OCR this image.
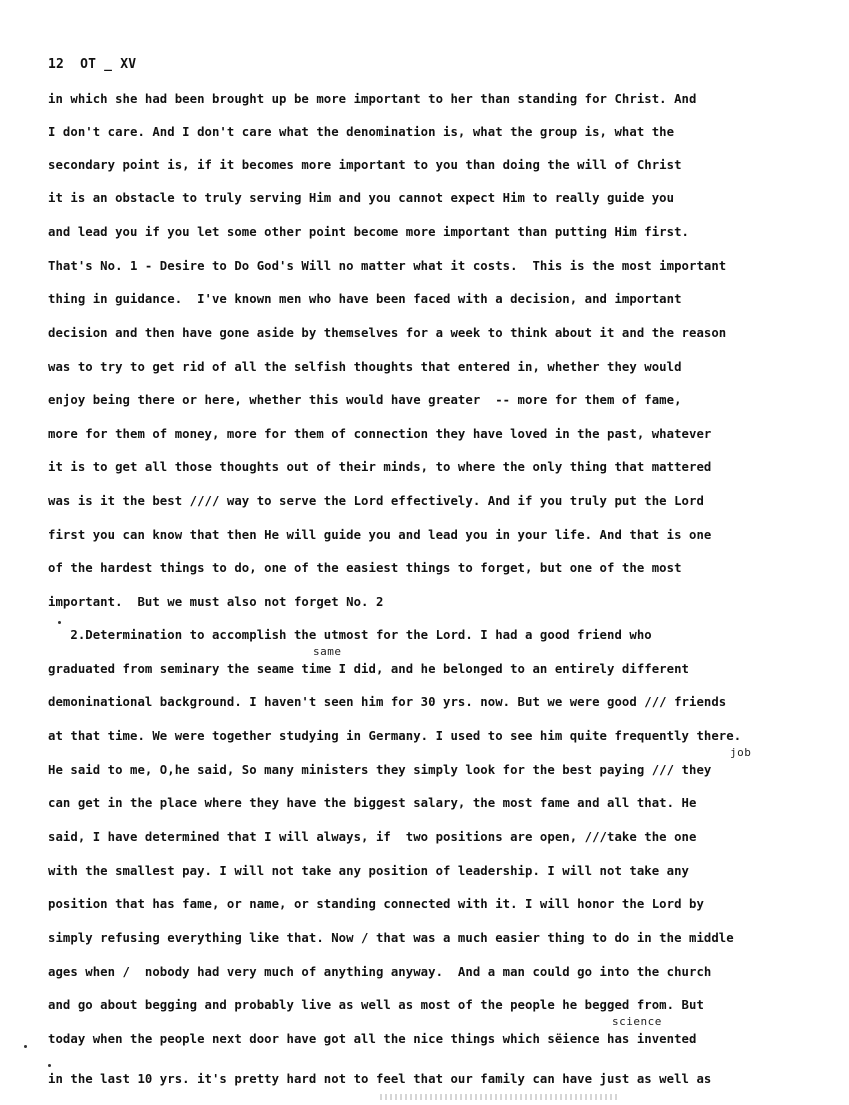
12  OT _ XV
in which she had been brought up be more important to her than standing for Christ. And
I don't care. And I don't care what the denomination is, what the group is, what the
secondary point is, if it becomes more important to you than doing the will of Christ
it is an obstacle to truly serving Him and you cannot expect Him to really guide you
and lead you if you let some other point become more important than putting Him first.
That's No. 1 - Desire to Do God's Will no matter what it costs.  This is the most important
thing in guidance.  I've known men who have been faced with a decision, and important
decision and then have gone aside by themselves for a week to think about it and the reason
was to try to get rid of all the selfish thoughts that entered in, whether they would
enjoy being there or here, whether this would have greater  -- more for them of fame,
more for them of money, more for them of connection they have loved in the past, whatever
it is to get all those thoughts out of their minds, to where the only thing that mattered
was is it the best //// way to serve the Lord effectively. And if you truly put the Lord
first you can know that then He will guide you and lead you in your life. And that is one
of the hardest things to do, one of the easiest things to forget, but one of the most
important.  But we must also not forget No. 2
2.Determination to accomplish the utmost for the Lord. I had a good friend who
same
graduated from seminary the seame time I did, and he belonged to an entirely different
demoninational background. I haven't seen him for 30 yrs. now. But we were good /// friends
at that time. We were together studying in Germany. I used to see him quite frequently there.
job
He said to me, O,he said, So many ministers they simply look for the best paying /// they
can get in the place where they have the biggest salary, the most fame and all that. He
said, I have determined that I will always, if  two positions are open, ///take the one
with the smallest pay. I will not take any position of leadership. I will not take any
position that has fame, or name, or standing connected with it. I will honor the Lord by
simply refusing everything like that. Now / that was a much easier thing to do in the middle
ages when /  nobody had very much of anything anyway.  And a man could go into the church
and go about begging and probably live as well as most of the people he begged from. But
science
today when the people next door have got all the nice things which sëience has invented
in the last 10 yrs. it's pretty hard not to feel that our family can have just as well as
